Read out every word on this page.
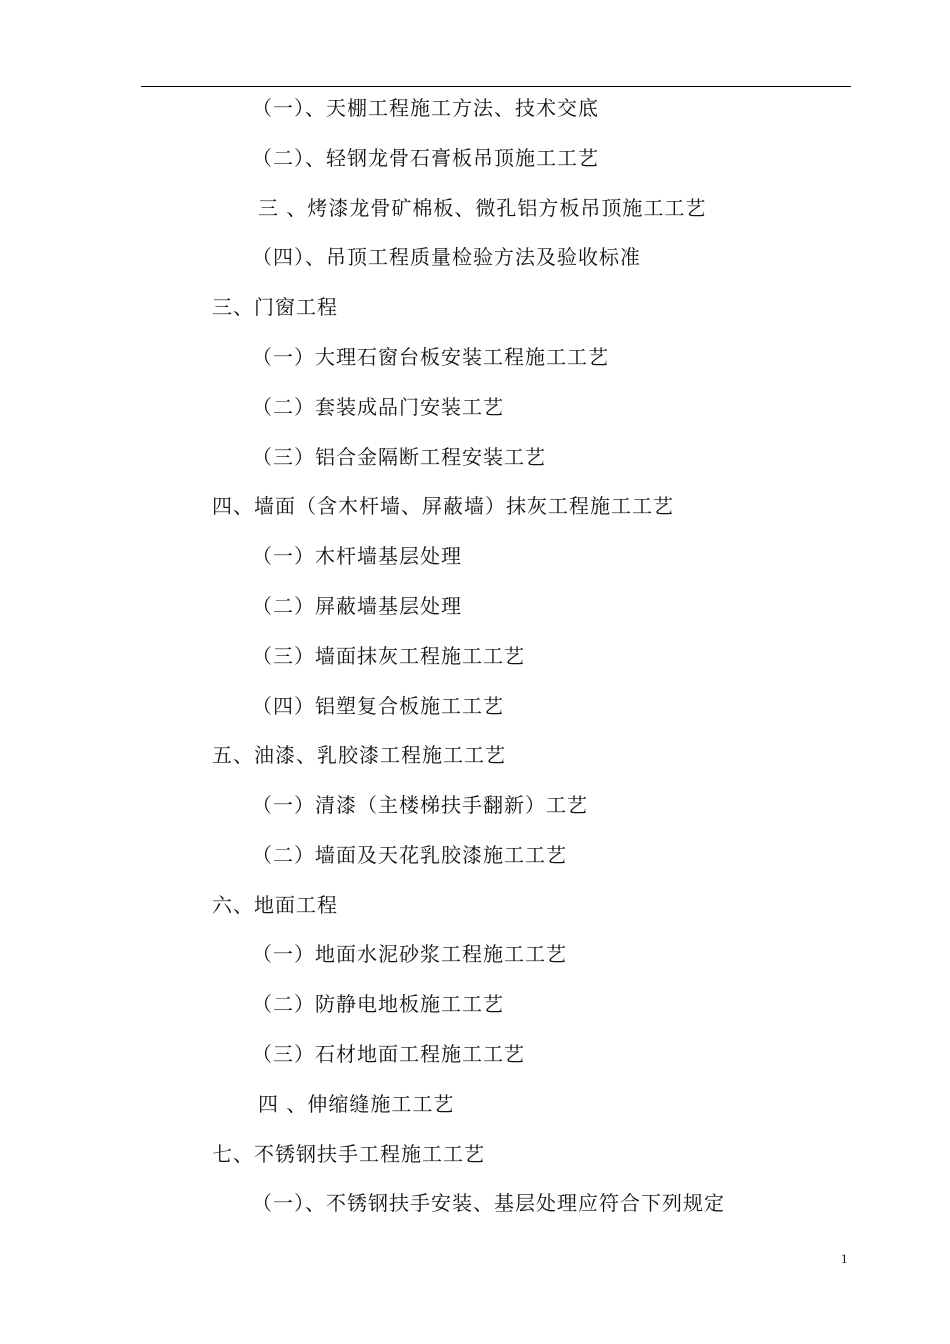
（一）、天棚工程施工方法、技术交底
（二）、轻钢龙骨石膏板吊顶施工工艺
三 、烤漆龙骨矿棉板、微孔铝方板吊顶施工工艺
（四）、吊顶工程质量检验方法及验收标准
三、门窗工程
（一）大理石窗台板安装工程施工工艺
（二）套装成品门安装工艺
（三）铝合金隔断工程安装工艺
四、墙面（含木杆墙、屏蔽墙）抹灰工程施工工艺
（一）木杆墙基层处理
（二）屏蔽墙基层处理
（三）墙面抹灰工程施工工艺
（四）铝塑复合板施工工艺
五、油漆、乳胶漆工程施工工艺
（一）清漆（主楼梯扶手翻新）工艺
（二）墙面及天花乳胶漆施工工艺
六、地面工程
（一）地面水泥砂浆工程施工工艺
（二）防静电地板施工工艺
（三）石材地面工程施工工艺
四 、伸缩缝施工工艺
七、不锈钢扶手工程施工工艺
（一）、不锈钢扶手安装、基层处理应符合下列规定
1
